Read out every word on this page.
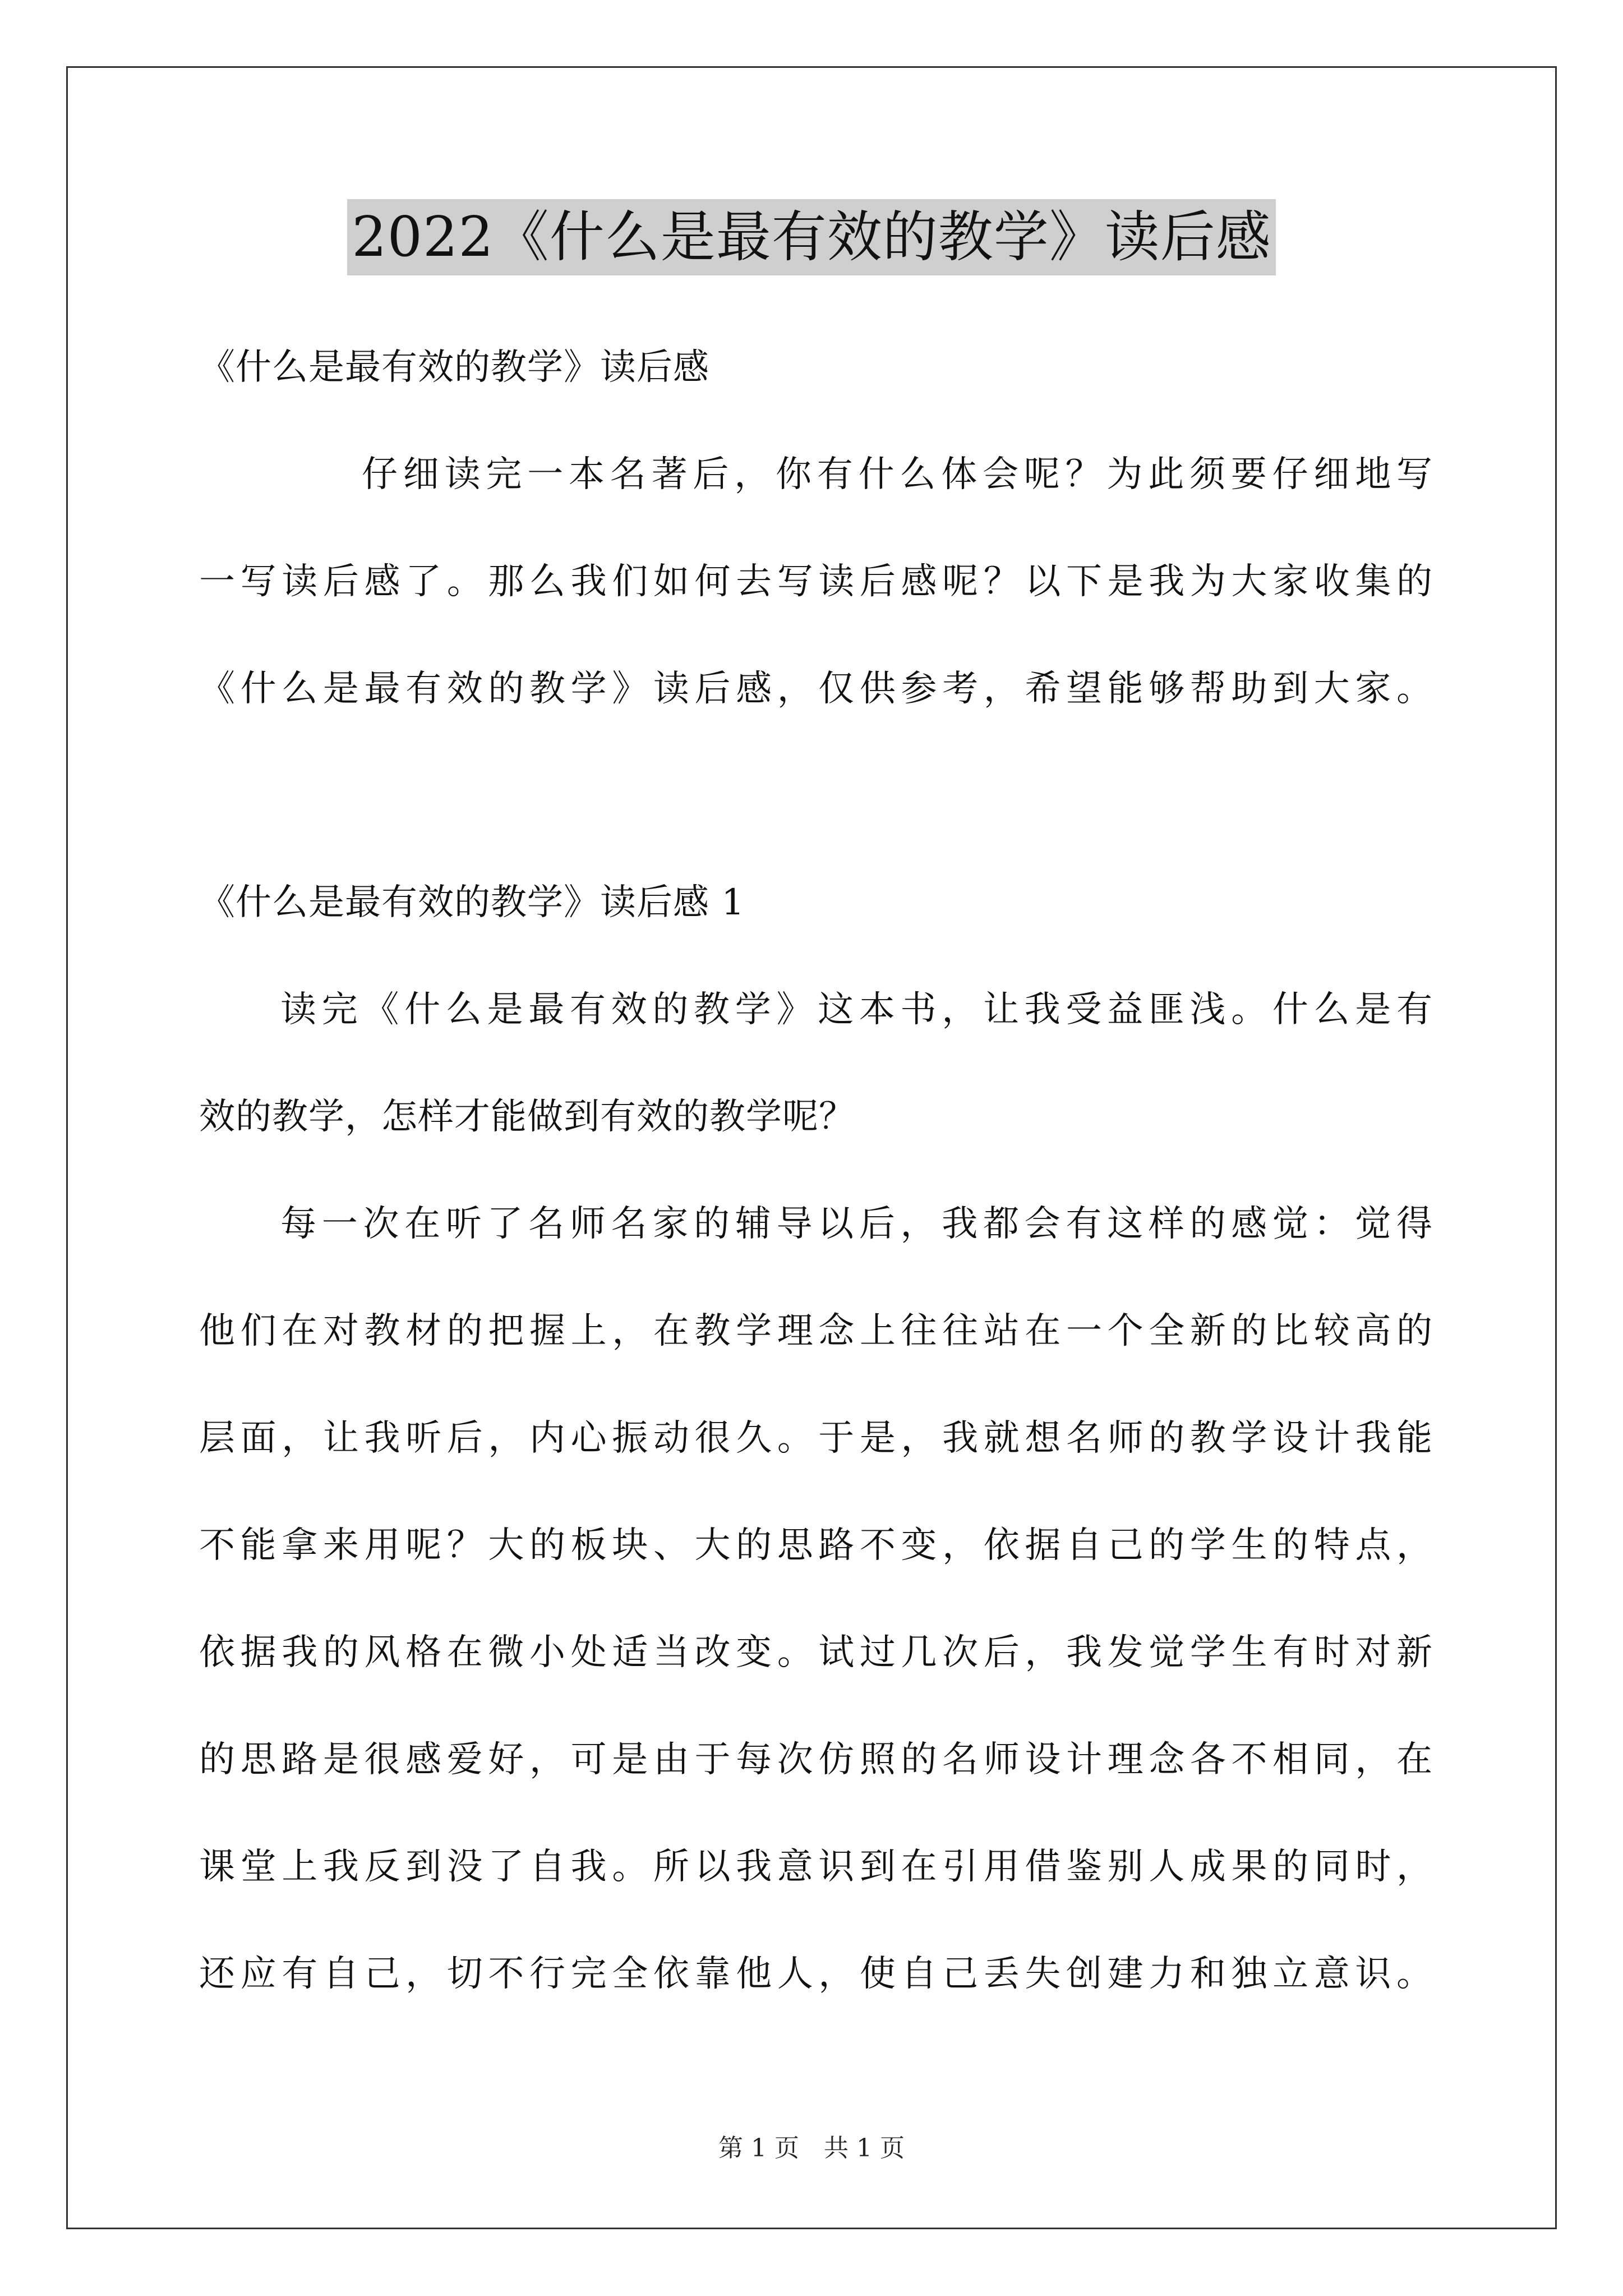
2022《什么是最有效的教学》读后感
《什么是最有效的教学》读后感
仔细读完一本名著后，你有什么体会呢？为此须要仔细地写
一写读后感了。那么我们如何去写读后感呢？以下是我为大家收集的
《什么是最有效的教学》读后感，仅供参考，希望能够帮助到大家。
《什么是最有效的教学》读后感 1
读完《什么是最有效的教学》这本书，让我受益匪浅。什么是有
效的教学，怎样才能做到有效的教学呢？
每一次在听了名师名家的辅导以后，我都会有这样的感觉：觉得
他们在对教材的把握上，在教学理念上往往站在一个全新的比较高的
层面，让我听后，内心振动很久。于是，我就想名师的教学设计我能
不能拿来用呢？大的板块、大的思路不变，依据自己的学生的特点，
依据我的风格在微小处适当改变。试过几次后，我发觉学生有时对新
的思路是很感爱好，可是由于每次仿照的名师设计理念各不相同，在
课堂上我反到没了自我。所以我意识到在引用借鉴别人成果的同时，
还应有自己，切不行完全依靠他人，使自己丢失创建力和独立意识。
第 1 页　共 1 页
